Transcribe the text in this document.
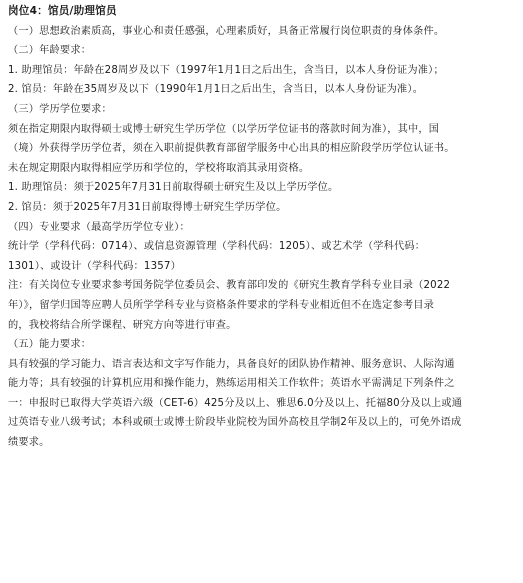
岗位4：馆员/助理馆员
（一）思想政治素质高，事业心和责任感强，心理素质好，具备正常履行岗位职责的身体条件。
（二）年龄要求：
1. 助理馆员：年龄在28周岁及以下（1997年1月1日之后出生，含当日，以本人身份证为准）；
2. 馆员：年龄在35周岁及以下（1990年1月1日之后出生，含当日，以本人身份证为准）。
（三）学历学位要求：
须在指定期限内取得硕士或博士研究生学历学位（以学历学位证书的落款时间为准），其中，国
（境）外获得学历学位者，须在入职前提供教育部留学服务中心出具的相应阶段学历学位认证书。
未在规定期限内取得相应学历和学位的，学校将取消其录用资格。
1. 助理馆员：须于2025年7月31日前取得硕士研究生及以上学历学位。
2. 馆员：须于2025年7月31日前取得博士研究生学历学位。
（四）专业要求（最高学历学位专业）：
统计学（学科代码：0714）、或信息资源管理（学科代码：1205）、或艺术学（学科代码：
1301）、或设计（学科代码：1357）
注：有关岗位专业要求参考国务院学位委员会、教育部印发的《研究生教育学科专业目录（2022
年）》，留学归国等应聘人员所学学科专业与资格条件要求的学科专业相近但不在选定参考目录
的，我校将结合所学课程、研究方向等进行审查。
（五）能力要求：
具有较强的学习能力、语言表达和文字写作能力，具备良好的团队协作精神、服务意识、人际沟通
能力等；具有较强的计算机应用和操作能力，熟练运用相关工作软件；英语水平需满足下列条件之
一：申报时已取得大学英语六级（CET-6）425分及以上、雅思6.0分及以上、托福80分及以上或通
过英语专业八级考试；本科或硕士或博士阶段毕业院校为国外高校且学制2年及以上的，可免外语成
绩要求。
